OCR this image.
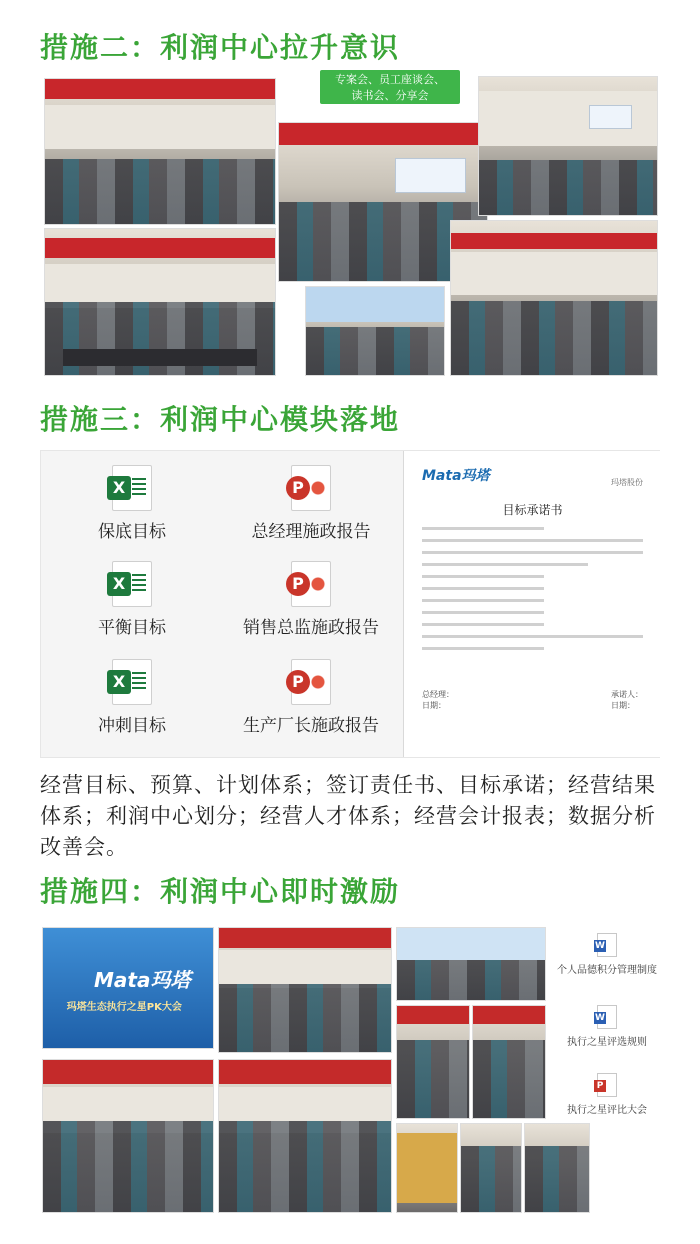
措施二：利润中心拉升意识
专案会、员工座谈会、
读书会、分享会
措施三：利润中心模块落地
X
保底目标
P
总经理施政报告
X
平衡目标
P
销售总监施政报告
X
冲刺目标
P
生产厂长施政报告
Mata玛塔	玛塔股份
目标承诺书
总经理：
日期：
承诺人：
日期：
经营目标、预算、计划体系；签订责任书、目标承诺；经营结果体系；利润中心划分；经营人才体系；经营会计报表；数据分析改善会。
措施四：利润中心即时激励
Mata玛塔
玛塔生态执行之星PK大会
W
个人品德积分管理制度
W
执行之星评选规则
P
执行之星评比大会
